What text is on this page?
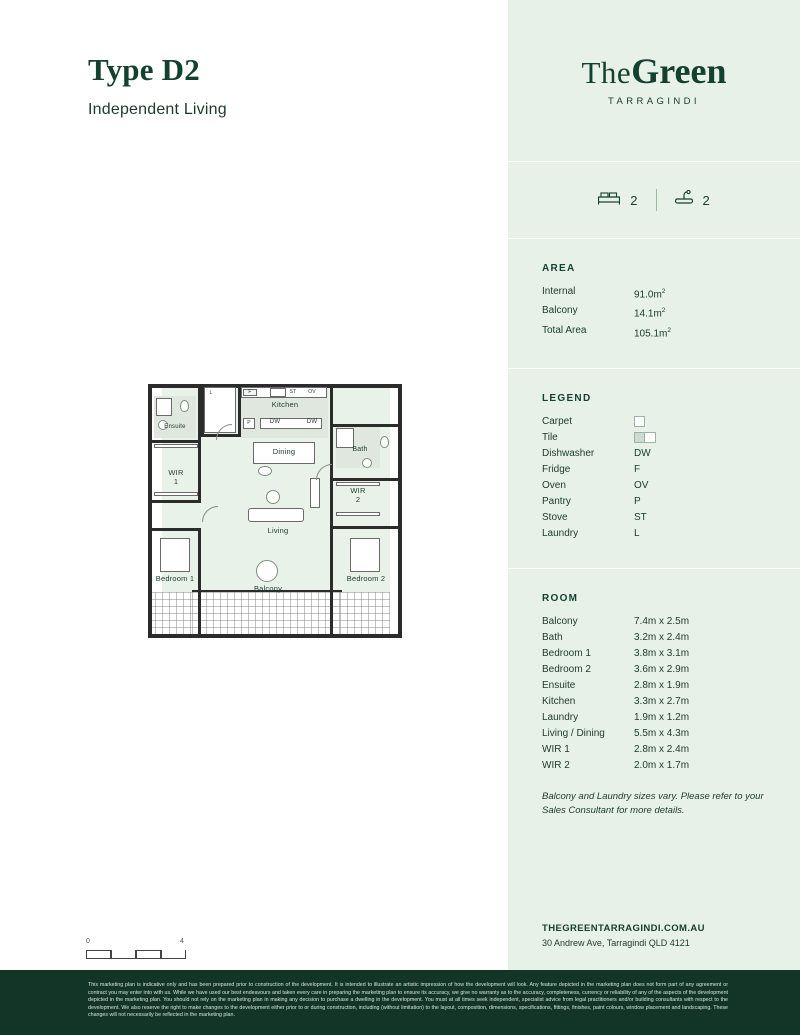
Type D2
Independent Living
F	ST	OV
DW	DW
Kitchen
P
L
Ensuite
Bath
WIR
1
WIR
2
Dining
Living
Balcony
Bedroom 1	Bedroom 2
0	4
TheGreen
TARRAGINDI
2	2
AREA
Internal	$91.0m^2$
Balcony	$14.1m^2$
Total Area	$105.1m^2$
LEGEND
Carpet
Tile
Dishwasher	DW
Fridge	F
Oven	OV
Pantry	P
Stove	ST
Laundry	L
ROOM
Balcony	7.4m x 2.5m
Bath	3.2m x 2.4m
Bedroom 1	3.8m x 3.1m
Bedroom 2	3.6m x 2.9m
Ensuite	2.8m x 1.9m
Kitchen	3.3m x 2.7m
Laundry	1.9m x 1.2m
Living / Dining	5.5m x 4.3m
WIR 1	2.8m x 2.4m
WIR 2	2.0m x 1.7m
Balcony and Laundry sizes vary. Please refer to your Sales Consultant for more details.
THEGREENTARRAGINDI.COM.AU
30 Andrew Ave, Tarragindi QLD 4121

This marketing plan is indicative only and has been prepared prior to construction of the development. It is intended to illustrate an artistic impression of how the development will look. Any feature depicted in the marketing plan does not form part of any agreement or contract you may enter into with us. While we have used our best endeavours and taken every care in preparing the marketing plan to ensure its accuracy, we give no warranty as to the accuracy, completeness, currency or reliability of any of the aspects of the development depicted in the marketing plan. You should not rely on the marketing plan in making any decision to purchase a dwelling in the development. You must at all times seek independent, specialist advice from legal practitioners and/or building consultants with respect to the development. We also reserve the right to make changes to the development either prior to or during construction, including (without limitation) to the layout, composition, dimensions, specifications, fittings, finishes, paint colours, window placement and landscaping. These changes will not necessarily be reflected in the marketing plan.
